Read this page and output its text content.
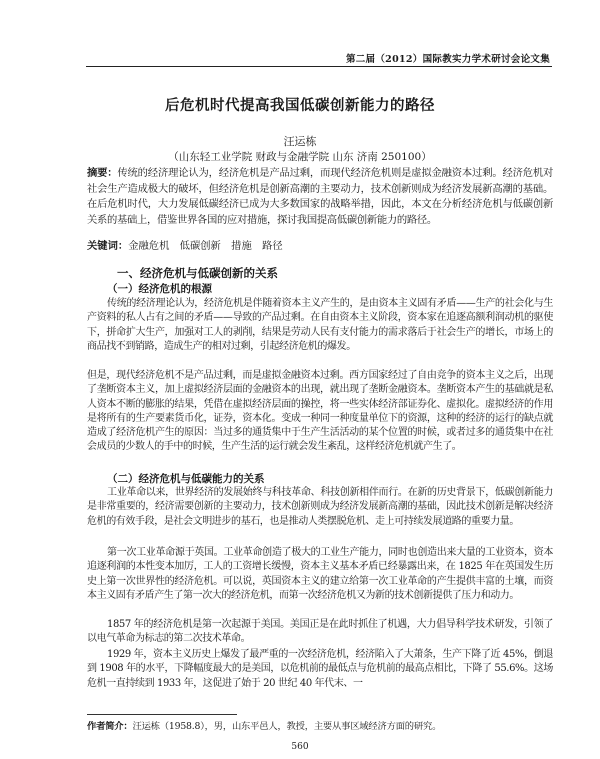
第二届（2012）国际教实力学术研讨会论文集
后危机时代提高我国低碳创新能力的路径
汪运栋
（山东轻工业学院 财政与金融学院 山东 济南 250100）

摘要：传统的经济理论认为，经济危机是产品过剩，而现代经济危机则是虚拟金融资本过剩。经济危机对社会生产造成极大的破坏，但经济危机是创新高潮的主要动力，技术创新则成为经济发展新高潮的基础。在后危机时代，大力发展低碳经济已成为大多数国家的战略举措，因此，本文在分析经济危机与低碳创新关系的基础上，借鉴世界各国的应对措施，探讨我国提高低碳创新能力的路径。

关键词：金融危机　低碳创新　措施　路径
一、经济危机与低碳创新的关系
（一）经济危机的根源

传统的经济理论认为，经济危机是伴随着资本主义产生的，是由资本主义固有矛盾——生产的社会化与生产资料的私人占有之间的矛盾——导致的产品过剩。在自由资本主义阶段，资本家在追逐高额利润动机的驱使下，拼命扩大生产，加强对工人的剥削，结果是劳动人民有支付能力的需求落后于社会生产的增长，市场上的商品找不到销路，造成生产的相对过剩，引起经济危机的爆发。

但是，现代经济危机不是产品过剩，而是虚拟金融资本过剩。西方国家经过了自由竞争的资本主义之后，出现了垄断资本主义，加上虚拟经济层面的金融资本的出现，就出现了垄断金融资本。垄断资本产生的基础就是私人资本不断的膨胀的结果，凭借在虚拟经济层面的操控，将一些实体经济部证券化、虚拟化。虚拟经济的作用是将所有的生产要素货币化，证券，资本化。变成一种同一种度量单位下的资源，这种的经济的运行的缺点就造成了经济危机产生的原因：当过多的通货集中于生产生活活动的某个位置的时候，或者过多的通货集中在社会成员的少数人的手中的时候，生产生活的运行就会发生紊乱，这样经济危机就产生了。

（二）经济危机与低碳能力的关系

工业革命以来，世界经济的发展始终与科技革命、科技创新相伴而行。在新的历史背景下，低碳创新能力是非常重要的，经济需要创新的主要动力，技术创新则成为经济发展新高潮的基础，因此技术创新是解决经济危机的有效手段，是社会文明进步的基石，也是推动人类摆脱危机、走上可持续发展道路的重要力量。

第一次工业革命源于英国。工业革命创造了极大的工业生产能力，同时也创造出来大量的工业资本，资本追逐利润的本性变本加厉，工人的工资增长缓慢，资本主义基本矛盾已经暴露出来，在 1825 年在英国发生历史上第一次世界性的经济危机。可以说，英国资本主义的建立给第一次工业革命的产生提供丰富的土壤，而资本主义固有矛盾产生了第一次大的经济危机，而第一次经济危机又为新的技术创新提供了压力和动力。

1857 年的经济危机是第一次起源于美国。美国正是在此时抓住了机遇，大力倡导科学技术研发，引领了以电气革命为标志的第二次技术革命。

1929 年，资本主义历史上爆发了最严重的一次经济危机，经济陷入了大萧条，生产下降了近 45%，倒退到 1908 年的水平，下降幅度最大的是美国，以危机前的最低点与危机前的最高点相比，下降了 55.6%。这场危机一直持续到 1933 年，这促进了始于 20 世纪 40 年代末、一

作者简介：汪运栋（1958.8），男，山东平邑人，教授，主要从事区域经济方面的研究。
560
